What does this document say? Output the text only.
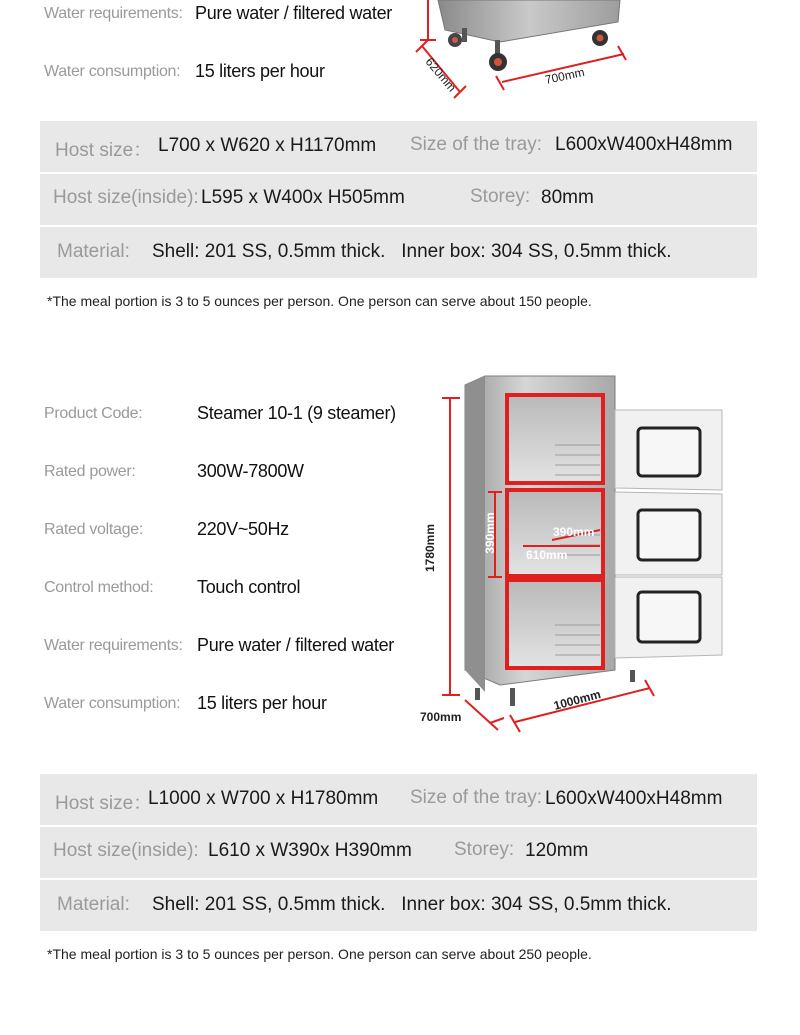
Water requirements: Pure water / filtered water
Water consumption: 15 liters per hour	620mm	700mm
Host size： L700 x W620 x H1170mm Size of the tray: L600xW400xH48mm
Host size(inside): L595 x W400x H505mm	Storey: 80mm
Material: Shell: 201 SS, 0.5mm thick.   Inner box: 304 SS, 0.5mm thick.
*The meal portion is 3 to 5 ounces per person. One person can serve about 150 people.
Product Code:	Steamer 10-1 (9 steamer)
Rated power:	300W-7800W
Rated voltage:	220V~50Hz
Control method: Touch control
Water requirements: Pure water / filtered water
Water consumption: 15 liters per hour
1780mm	390mm	390mm
610mm
700mm
1000mm
Host size：
L1000 x W700 x H1780mm Size of the tray: L600xW400xH48mm
Host size(inside): L610 x W390x H390mm Storey: 120mm
Material: Shell: 201 SS, 0.5mm thick.   Inner box: 304 SS, 0.5mm thick.
*The meal portion is 3 to 5 ounces per person. One person can serve about 250 people.
